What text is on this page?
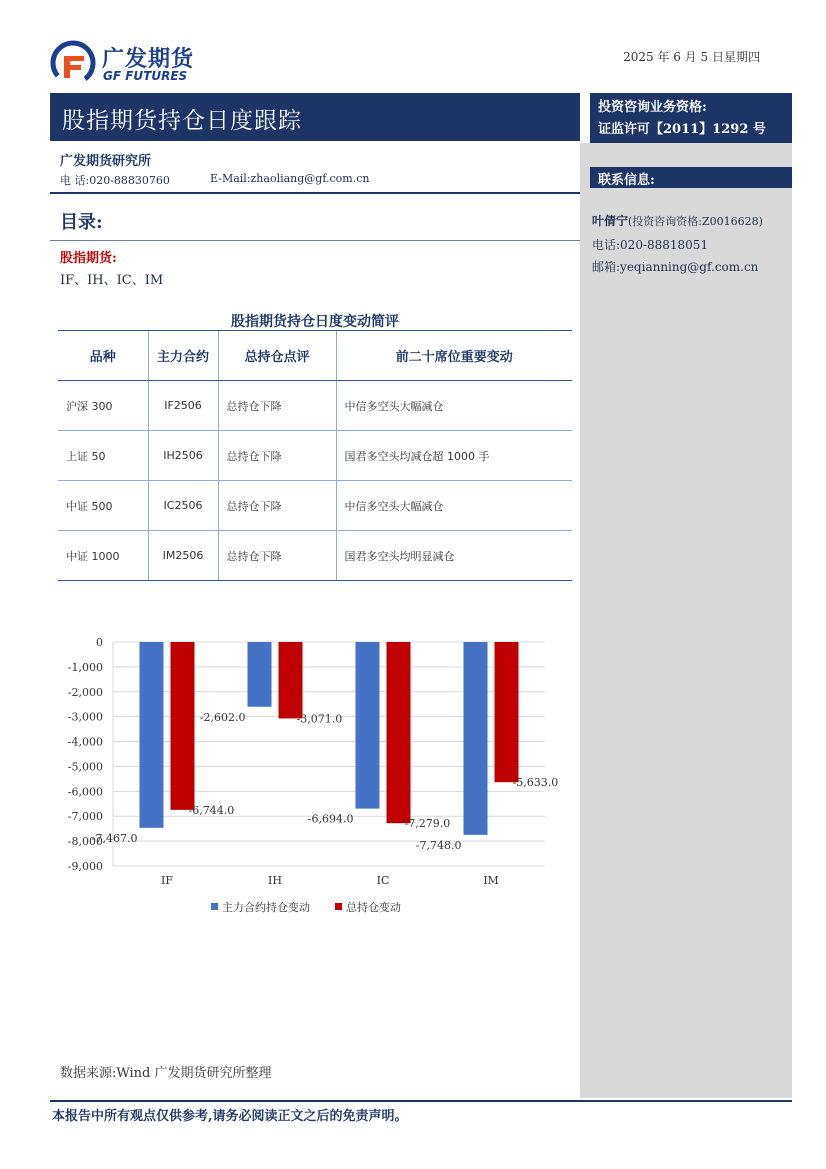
广发期货
GF FUTURES
2025 年 6 月 5 日星期四
股指期货持仓日度跟踪
投资咨询业务资格:
证监许可【2011】1292 号
联系信息:
叶倩宁(投资咨询资格:Z0016628)
电话:020-88818051
邮箱:yeqianning@gf.com.cn
广发期货研究所
电 话:020-88830760	E-Mail:zhaoliang@gf.com.cn
目录:
股指期货:
IF、IH、IC、IM
股指期货持仓日度变动简评
品种	主力合约	总持仓点评	前二十席位重要变动
沪深 300	IF2506	总持仓下降	中信多空头大幅减仓
上证 50	IH2506	总持仓下降	国君多空头均减仓超 1000 手
中证 500	IC2506	总持仓下降	中信多空头大幅减仓
中证 1000	IM2506	总持仓下降	国君多空头均明显减仓
0
-1,000
-2,000
-3,000
-4,000
-5,000
-6,000
-7,000
-8,000
-9,000
-7,467.0
-6,744.0
IF
-2,602.0	-3,071.0
IH
-6,694.0	-7,279.0
IC
-7,748.0
-5,633.0
IM
主力合约持仓变动	总持仓变动
数据来源:Wind 广发期货研究所整理
本报告中所有观点仅供参考,请务必阅读正文之后的免责声明。
